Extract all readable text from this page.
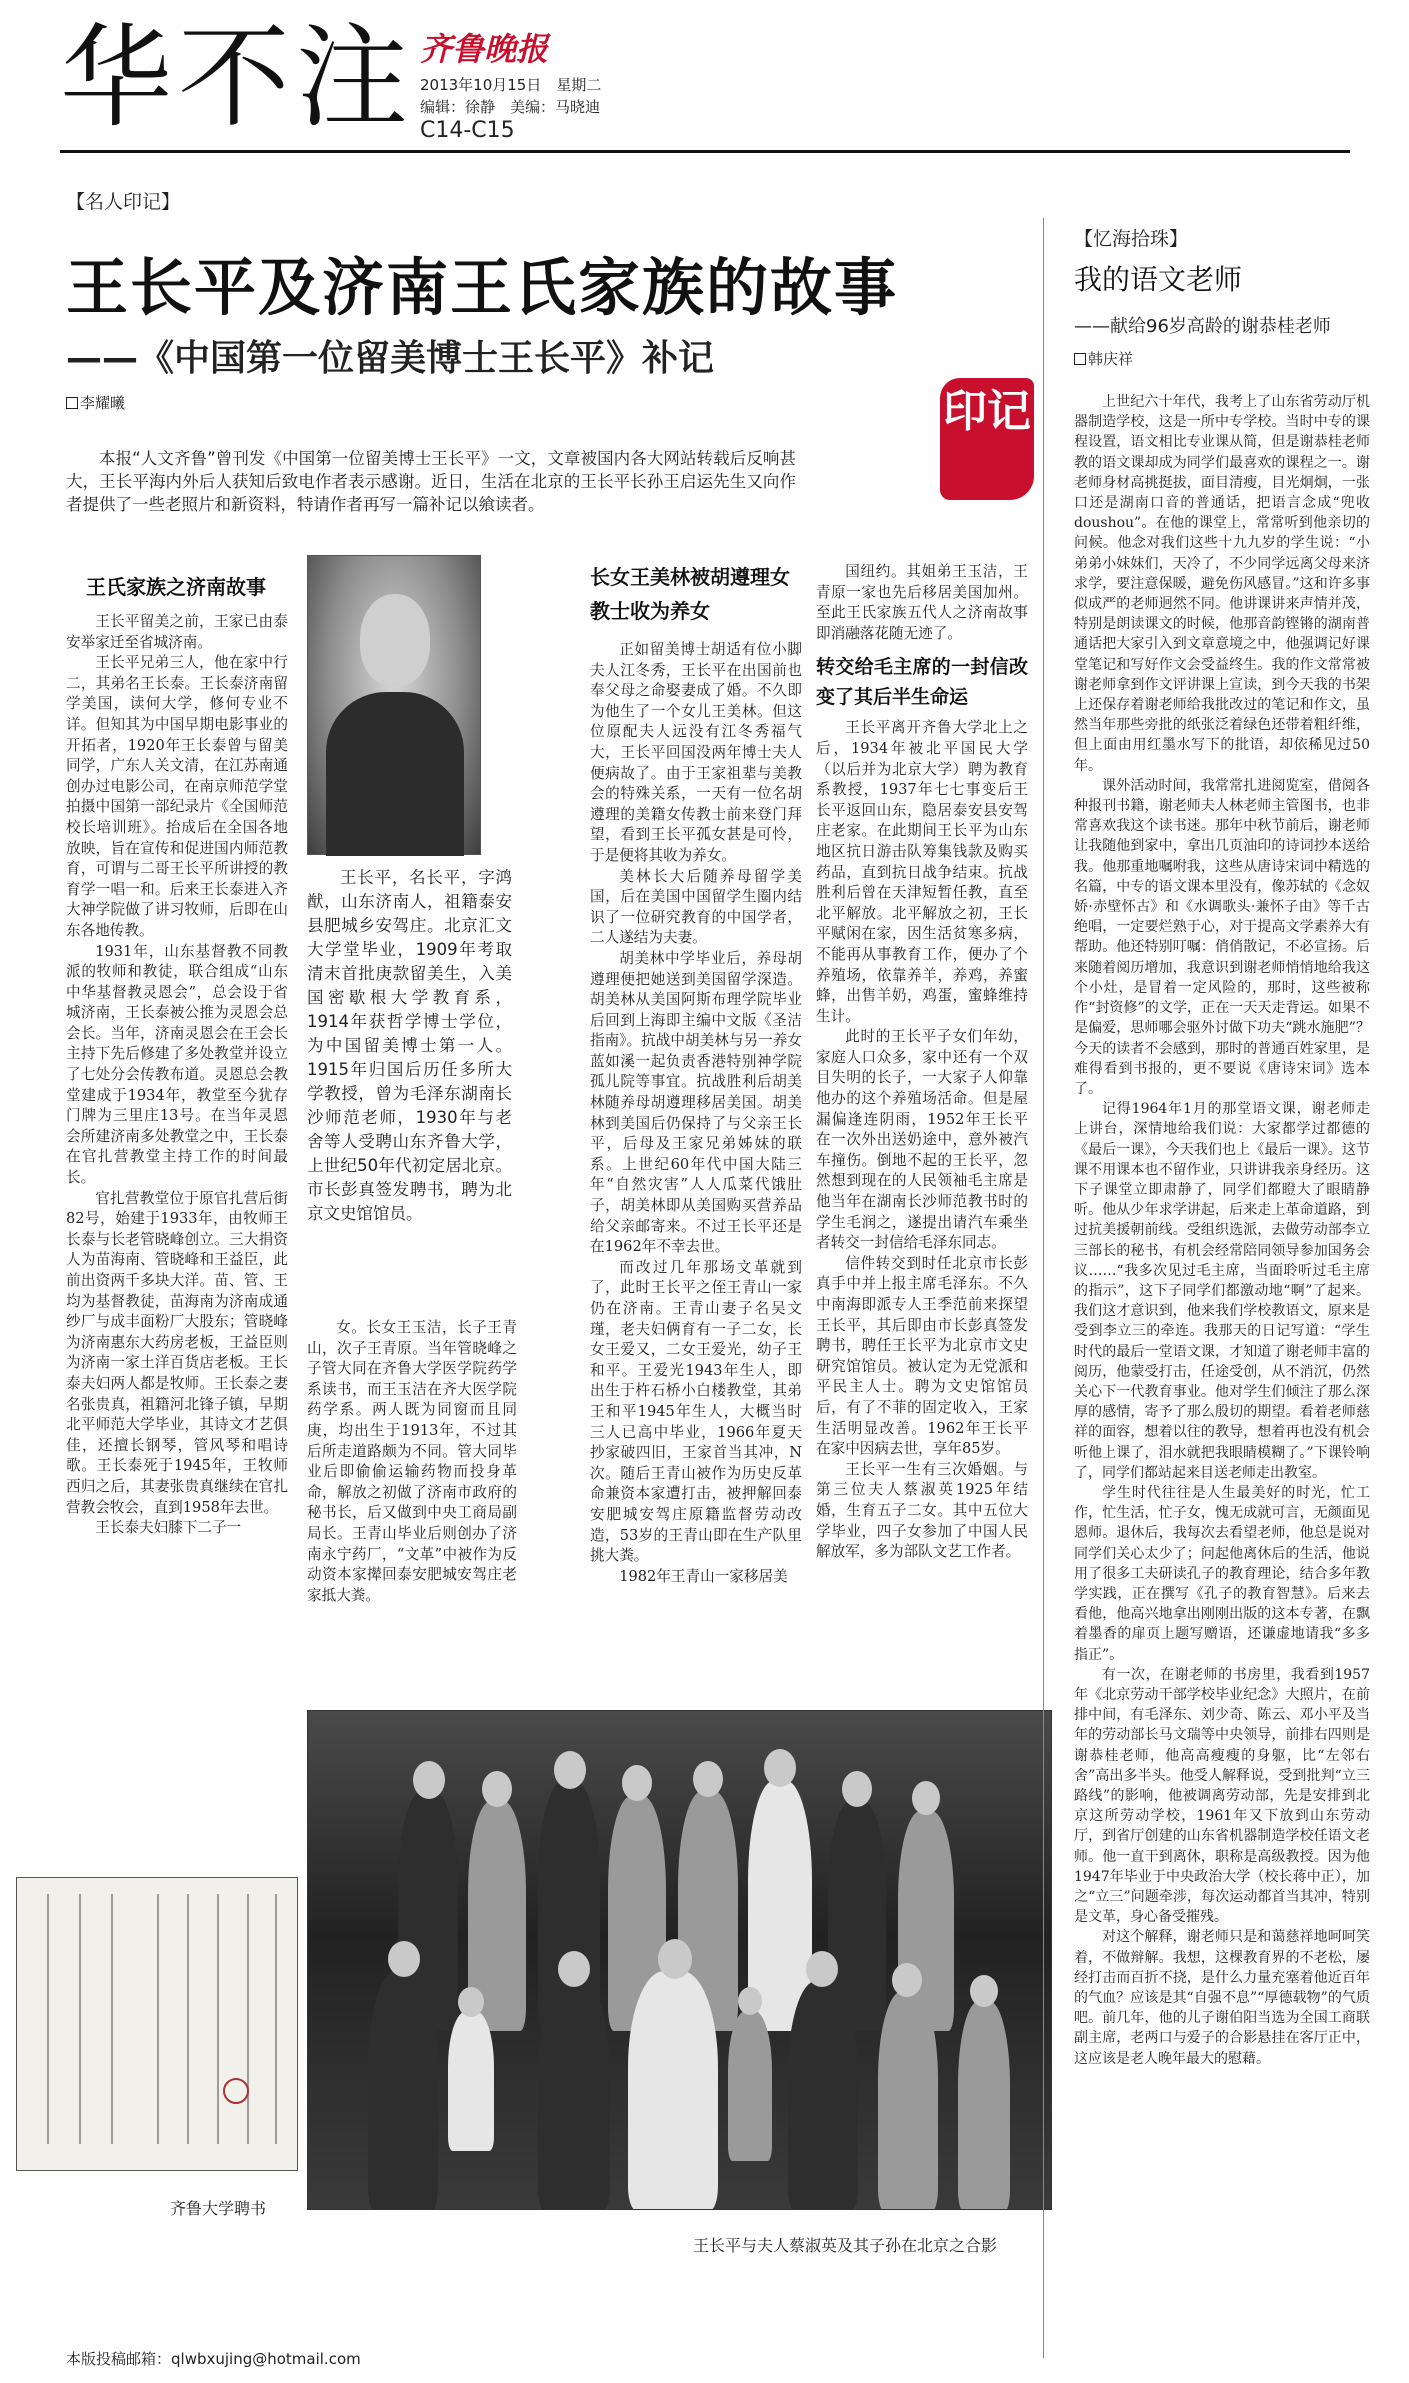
华不注 齐鲁晚报
2013年10月15日　星期二
编辑：徐静　美编：马晓迪
C14-C15
【名人印记】
王长平及济南王氏家族的故事
——《中国第一位留美博士王长平》补记
李耀曦	印记

本报“人文齐鲁”曾刊发《中国第一位留美博士王长平》一文，文章被国内各大网站转载后反响甚大，王长平海内外后人获知后致电作者表示感谢。近日，生活在北京的王长平长孙王启运先生又向作者提供了一些老照片和新资料，特请作者再写一篇补记以飨读者。

王氏家族之济南故事

王长平留美之前，王家已由泰安举家迁至省城济南。

王长平兄弟三人，他在家中行二，其弟名王长泰。王长泰济南留学美国，读何大学，修何专业不详。但知其为中国早期电影事业的开拓者，1920年王长泰曾与留美同学，广东人关文清，在江苏南通创办过电影公司，在南京师范学堂拍摄中国第一部纪录片《全国师范校长培训班》。抬成后在全国各地放映，旨在宣传和促进国内师范教育，可谓与二哥王长平所讲授的教育学一唱一和。后来王长泰进入齐大神学院做了讲习牧师，后即在山东各地传教。

1931年，山东基督教不同教派的牧师和教徒，联合组成“山东中华基督教灵恩会”，总会设于省城济南，王长泰被公推为灵恩会总会长。当年，济南灵恩会在王会长主持下先后修建了多处教堂并设立了七处分会传教布道。灵恩总会教堂建成于1934年，教堂至今犹存门牌为三里庄13号。在当年灵恩会所建济南多处教堂之中，王长泰在官扎营教堂主持工作的时间最长。

官扎营教堂位于原官扎营后街82号，始建于1933年，由牧师王长泰与长老管晓峰创立。三大捐资人为苗海南、管晓峰和王益臣，此前出资两千多块大洋。苗、管、王均为基督教徒，苗海南为济南成通纱厂与成丰面粉厂大股东；管晓峰为济南惠东大药房老板，王益臣则为济南一家土洋百货店老板。王长泰夫妇两人都是牧师。王长泰之妻名张贵真，祖籍河北锋子镇，早期北平师范大学毕业，其诗文才艺俱佳，还擅长钢琴，管风琴和唱诗歌。王长泰死于1945年，王牧师西归之后，其妻张贵真继续在官扎营教会牧会，直到1958年去世。

王长泰夫妇膝下二子一

王长平，名长平，字鸿猷，山东济南人，祖籍泰安县肥城乡安驾庄。北京汇文大学堂毕业，1909年考取清末首批庚款留美生，入美国密歇根大学教育系，1914年获哲学博士学位，为中国留美博士第一人。1915年归国后历任多所大学教授，曾为毛泽东湖南长沙师范老师，1930年与老舍等人受聘山东齐鲁大学，上世纪50年代初定居北京。市长彭真签发聘书，聘为北京文史馆馆员。

女。长女王玉洁，长子王青山，次子王青原。当年管晓峰之子管大同在齐鲁大学医学院药学系读书，而王玉洁在齐大医学院药学系。两人既为同窗而且同庚，均出生于1913年，不过其后所走道路颇为不同。管大同毕业后即偷偷运输药物而投身革命，解放之初做了济南市政府的秘书长，后又做到中央工商局副局长。王青山毕业后则创办了济南永宁药厂，“文革”中被作为反动资本家撵回泰安肥城安驾庄老家抵大粪。

长女王美林被胡遵理女教士收为养女

正如留美博士胡适有位小脚夫人江冬秀，王长平在出国前也奉父母之命娶妻成了婚。不久即为他生了一个女儿王美林。但这位原配夫人远没有江冬秀福气大，王长平回国没两年博士夫人便病故了。由于王家祖辈与美教会的特殊关系，一天有一位名胡遵理的美籍女传教士前来登门拜望，看到王长平孤女甚是可怜，于是便将其收为养女。

美林长大后随养母留学美国，后在美国中国留学生圈内结识了一位研究教育的中国学者，二人遂结为夫妻。

胡美林中学毕业后，养母胡遵理便把她送到美国留学深造。胡美林从美国阿斯布理学院毕业后回到上海即主编中文版《圣洁指南》。抗战中胡美林与另一养女蓝如溪一起负责香港特别神学院孤儿院等事宜。抗战胜利后胡美林随养母胡遵理移居美国。胡美林到美国后仍保持了与父亲王长平，后母及王家兄弟姊妹的联系。上世纪60年代中国大陆三年“自然灾害”人人瓜菜代饿肚子，胡美林即从美国购买营养品给父亲邮寄来。不过王长平还是在1962年不幸去世。

而改过几年那场文革就到了，此时王长平之侄王青山一家仍在济南。王青山妻子名吴文瑾，老夫妇俩育有一子二女，长女王爱又，二女王爱光，幼子王和平。王爱光1943年生人，即出生于杵石桥小白楼教堂，其弟王和平1945年生人，大概当时三人已高中毕业，1966年夏天抄家破四旧，王家首当其冲，N次。随后王青山被作为历史反革命兼资本家遭打击，被押解回泰安肥城安驾庄原籍监督劳动改造，53岁的王青山即在生产队里挑大粪。

1982年王青山一家移居美

国纽约。其姐弟王玉洁，王青原一家也先后移居美国加州。至此王氏家族五代人之济南故事即消融落花随无迹了。

转交给毛主席的一封信改变了其后半生命运

王长平离开齐鲁大学北上之后，1934年被北平国民大学（以后并为北京大学）聘为教育系教授，1937年七七事变后王长平返回山东，隐居泰安县安驾庄老家。在此期间王长平为山东地区抗日游击队筹集钱款及购买药品，直到抗日战争结束。抗战胜利后曾在天津短暂任教，直至北平解放。北平解放之初，王长平赋闲在家，因生活贫寒多病，不能再从事教育工作，便办了个养殖场，依靠养羊，养鸡，养蜜蜂，出售羊奶，鸡蛋，蜜蜂维持生计。

此时的王长平子女们年幼，家庭人口众多，家中还有一个双目失明的长子，一大家子人仰靠他办的这个养殖场活命。但是屋漏偏逢连阴雨，1952年王长平在一次外出送奶途中，意外被汽车撞伤。倒地不起的王长平，忽然想到现在的人民领袖毛主席是他当年在湖南长沙师范教书时的学生毛润之，遂提出请汽车乘坐者转交一封信给毛泽东同志。

信件转交到时任北京市长彭真手中并上报主席毛泽东。不久中南海即派专人王季范前来探望王长平，其后即由市长彭真签发聘书，聘任王长平为北京市文史研究馆馆员。被认定为无党派和平民主人士。聘为文史馆馆员后，有了不菲的固定收入，王家生活明显改善。1962年王长平在家中因病去世，享年85岁。

王长平一生有三次婚姻。与第三位夫人蔡淑英1925年结婚，生育五子二女。其中五位大学毕业，四子女参加了中国人民解放军，多为部队文艺工作者。

王长平与夫人蔡淑英及其子孙在北京之合影
齐鲁大学聘书
本版投稿邮箱：qlwbxujing@hotmail.com
【忆海拾珠】
我的语文老师
——献给96岁高龄的谢恭桂老师
韩庆祥

上世纪六十年代，我考上了山东省劳动厅机器制造学校，这是一所中专学校。当时中专的课程设置，语文相比专业课从简，但是谢恭桂老师教的语文课却成为同学们最喜欢的课程之一。谢老师身材高挑挺拔，面目清瘦，目光炯炯，一张口还是湖南口音的普通话，把语言念成“兜收doushou”。在他的课堂上，常常听到他亲切的问候。他念对我们这些十九九岁的学生说：“小弟弟小妹妹们，天冷了，不少同学远离父母来济求学，要注意保暖，避免伤风感冒。”这和许多事似成严的老师迥然不同。他讲课讲来声情并茂，特别是朗读课文的时候，他那音韵铿锵的湖南普通话把大家引入到文章意境之中，他强调记好课堂笔记和写好作文会受益终生。我的作文常常被谢老师拿到作文评讲课上宣读，到今天我的书架上还保存着谢老师给我批改过的笔记和作文，虽然当年那些旁批的纸张泛着绿色还带着粗纤维，但上面由用红墨水写下的批语，却依稀见过50年。

课外活动时间，我常常扎进阅览室，借阅各种报刊书籍，谢老师夫人林老师主管图书，也非常喜欢我这个读书迷。那年中秋节前后，谢老师让我随他到家中，拿出几页油印的诗词抄本送给我。他那重地嘱咐我，这些从唐诗宋词中精选的名篇，中专的语文课本里没有，像苏轼的《念奴娇·赤壁怀古》和《水调歌头·兼怀子由》等千古绝唱，一定要烂熟于心，对于提高文学素养大有帮助。他还特别叮嘱：俏俏散记，不必宣扬。后来随着阅历增加，我意识到谢老师悄悄地给我这个小灶，是冒着一定风险的，那时，这些被称作“封资修”的文学，正在一天天走背运。如果不是偏爱，思师哪会驱外讨做下功夫“跳水施肥”？今天的读者不会感到，那时的普通百姓家里，是难得看到书报的，更不要说《唐诗宋词》选本了。

记得1964年1月的那堂语文课，谢老师走上讲台，深情地给我们说：大家都学过都德的《最后一课》，今天我们也上《最后一课》。这节课不用课本也不留作业，只讲讲我亲身经历。这下子课堂立即肃静了，同学们都瞪大了眼睛静听。他从少年求学讲起，后来走上革命道路，到过抗美援朝前线。受组织选派，去做劳动部李立三部长的秘书，有机会经常陪同领导参加国务会议……“我多次见过毛主席，当面聆听过毛主席的指示”，这下子同学们都激动地“啊”了起来。我们这才意识到，他来我们学校教语文，原来是受到李立三的牵连。我那天的日记写道：“学生时代的最后一堂语文课，才知道了谢老师丰富的阅历，他蒙受打击，任途受创，从不消沉，仍然关心下一代教育事业。他对学生们倾注了那么深厚的感情，寄予了那么殷切的期望。看着老师慈祥的面容，想着以往的教导，想着再也没有机会听他上课了，泪水就把我眼睛模糊了。”下课铃响了，同学们都站起来目送老师走出教室。

学生时代往往是人生最美好的时光，忙工作，忙生活，忙子女，愧无成就可言，无颜面见恩师。退休后，我每次去看望老师，他总是说对同学们关心太少了；问起他离休后的生活，他说用了很多工夫研读孔子的教育理论，结合多年教学实践，正在撰写《孔子的教育智慧》。后来去看他，他高兴地拿出刚刚出版的这本专著，在飘着墨香的扉页上题写赠语，还谦虚地请我“多多指正”。

有一次，在谢老师的书房里，我看到1957年《北京劳动干部学校毕业纪念》大照片，在前排中间，有毛泽东、刘少奇、陈云、邓小平及当年的劳动部长马文瑞等中央领导，前排右四则是谢恭桂老师，他高高瘦瘦的身躯，比“左邻右舍”高出多半头。他受人解释说，受到批判“立三路线”的影响，他被调离劳动部，先是安排到北京这所劳动学校，1961年又下放到山东劳动厅，到省厅创建的山东省机器制造学校任语文老师。他一直干到离休，职称是高级教授。因为他1947年毕业于中央政治大学（校长蒋中正），加之“立三”问题牵涉，每次运动都首当其冲，特别是文革，身心备受摧残。

对这个解释，谢老师只是和蔼慈祥地呵呵笑着，不做辩解。我想，这棵教育界的不老松，屡经打击而百折不挠，是什么力量充塞着他近百年的气血？应该是其“自强不息”“厚德载物”的气质吧。前几年，他的儿子谢伯阳当选为全国工商联副主席，老两口与爱子的合影悬挂在客厅正中，这应该是老人晚年最大的慰藉。
